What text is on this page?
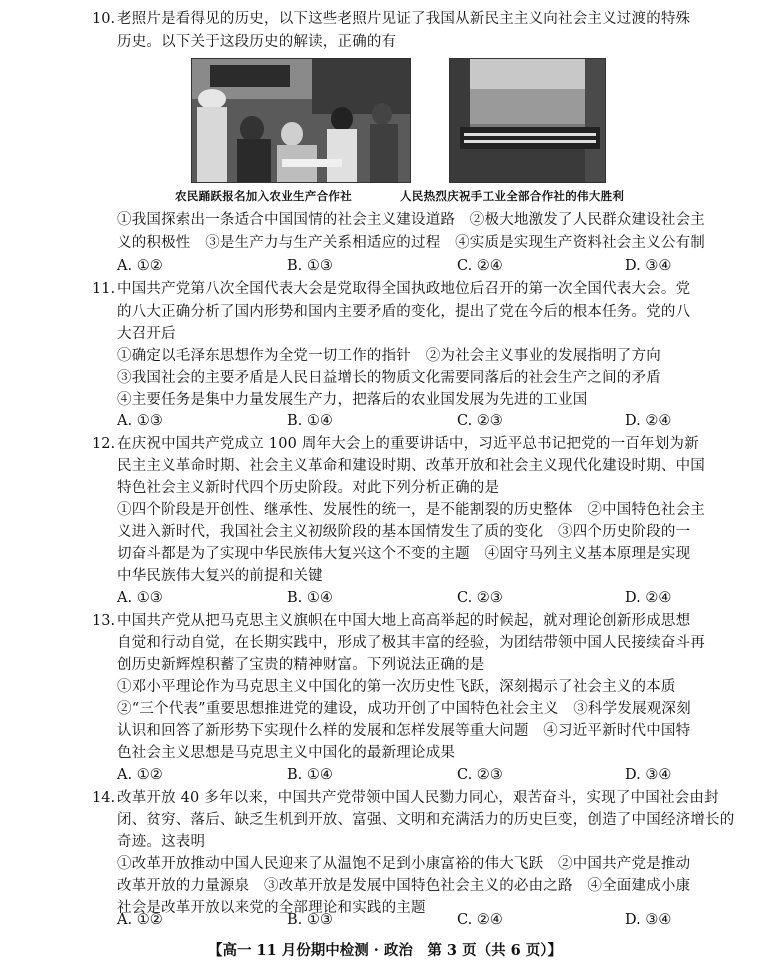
10. 老照片是看得见的历史，以下这些老照片见证了我国从新民主主义向社会主义过渡的特殊
历史。以下关于这段历史的解读，正确的有
农民踊跃报名加入农业生产合作社	人民热烈庆祝手工业全部合作社的伟大胜利
①我国探索出一条适合中国国情的社会主义建设道路　②极大地激发了人民群众建设社会主
义的积极性　③是生产力与生产关系相适应的过程　④实质是实现生产资料社会主义公有制
A. ①②	B. ①③	C. ②④	D. ③④
11. 中国共产党第八次全国代表大会是党取得全国执政地位后召开的第一次全国代表大会。党
的八大正确分析了国内形势和国内主要矛盾的变化，提出了党在今后的根本任务。党的八
大召开后
①确定以毛泽东思想作为全党一切工作的指针　②为社会主义事业的发展指明了方向
③我国社会的主要矛盾是人民日益增长的物质文化需要同落后的社会生产之间的矛盾
④主要任务是集中力量发展生产力，把落后的农业国发展为先进的工业国
A. ①③	B. ①④	C. ②③	D. ②④
12. 在庆祝中国共产党成立 100 周年大会上的重要讲话中，习近平总书记把党的一百年划为新
民主主义革命时期、社会主义革命和建设时期、改革开放和社会主义现代化建设时期、中国
特色社会主义新时代四个历史阶段。对此下列分析正确的是
①四个阶段是开创性、继承性、发展性的统一，是不能割裂的历史整体　②中国特色社会主
义进入新时代，我国社会主义初级阶段的基本国情发生了质的变化　③四个历史阶段的一
切奋斗都是为了实现中华民族伟大复兴这个不变的主题　④固守马列主义基本原理是实现
中华民族伟大复兴的前提和关键
A. ①③	B. ①④	C. ②③	D. ②④
13. 中国共产党从把马克思主义旗帜在中国大地上高高举起的时候起，就对理论创新形成思想
自觉和行动自觉，在长期实践中，形成了极其丰富的经验，为团结带领中国人民接续奋斗再
创历史新辉煌积蓄了宝贵的精神财富。下列说法正确的是
①邓小平理论作为马克思主义中国化的第一次历史性飞跃，深刻揭示了社会主义的本质
②“三个代表”重要思想推进党的建设，成功开创了中国特色社会主义　③科学发展观深刻
认识和回答了新形势下实现什么样的发展和怎样发展等重大问题　④习近平新时代中国特
色社会主义思想是马克思主义中国化的最新理论成果
A. ①②	B. ①④	C. ②③	D. ③④
14. 改革开放 40 多年以来，中国共产党带领中国人民勠力同心，艰苦奋斗，实现了中国社会由封
闭、贫穷、落后、缺乏生机到开放、富强、文明和充满活力的历史巨变，创造了中国经济增长的
奇迹。这表明
①改革开放推动中国人民迎来了从温饱不足到小康富裕的伟大飞跃　②中国共产党是推动
改革开放的力量源泉　③改革开放是发展中国特色社会主义的必由之路　④全面建成小康
社会是改革开放以来党的全部理论和实践的主题
A. ①②	B. ①③	C. ②④	D. ③④
【高一 11 月份期中检测 · 政治　第 3 页（共 6 页）】
